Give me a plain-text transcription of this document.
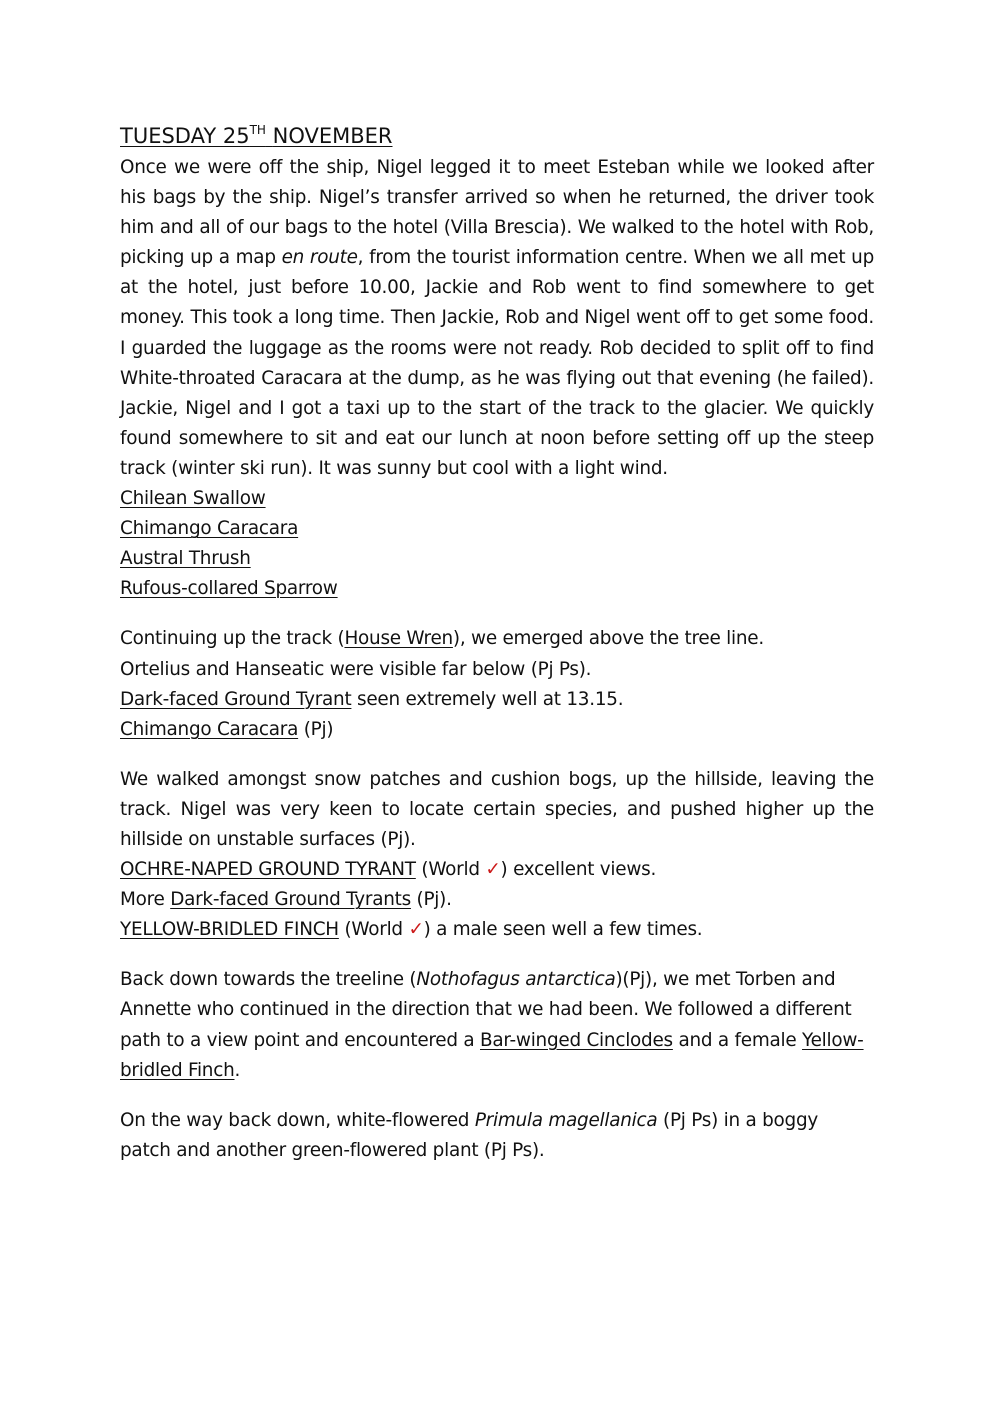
TUESDAY 25TH NOVEMBER

Once we were off the ship, Nigel legged it to meet Esteban while we looked after his bags by the ship. Nigel’s transfer arrived so when he returned, the driver took him and all of our bags to the hotel (Villa Brescia). We walked to the hotel with Rob, picking up a map en route, from the tourist information centre. When we all met up at the hotel, just before 10.00, Jackie and Rob went to find somewhere to get money. This took a long time. Then Jackie, Rob and Nigel went off to get some food. I guarded the luggage as the rooms were not ready. Rob decided to split off to find White-throated Caracara at the dump, as he was flying out that evening (he failed). Jackie, Nigel and I got a taxi up to the start of the track to the glacier. We quickly found somewhere to sit and eat our lunch at noon before setting off up the steep track (winter ski run). It was sunny but cool with a light wind.

Chilean Swallow
Chimango Caracara
Austral Thrush
Rufous-collared Sparrow
Continuing up the track (House Wren), we emerged above the tree line.
Ortelius and Hanseatic were visible far below (Pj Ps).
Dark-faced Ground Tyrant seen extremely well at 13.15.
Chimango Caracara (Pj)

We walked amongst snow patches and cushion bogs, up the hillside, leaving the track. Nigel was very keen to locate certain species, and pushed higher up the hillside on unstable surfaces (Pj).

OCHRE-NAPED GROUND TYRANT (World ✓) excellent views.
More Dark-faced Ground Tyrants (Pj).
YELLOW-BRIDLED FINCH (World ✓) a male seen well a few times.

Back down towards the treeline (Nothofagus antarctica)(Pj), we met Torben and Annette who continued in the direction that we had been. We followed a different path to a view point and encountered a Bar-winged Cinclodes and a female Yellow-bridled Finch.

On the way back down, white-flowered Primula magellanica (Pj Ps) in a boggy patch and another green-flowered plant (Pj Ps).
